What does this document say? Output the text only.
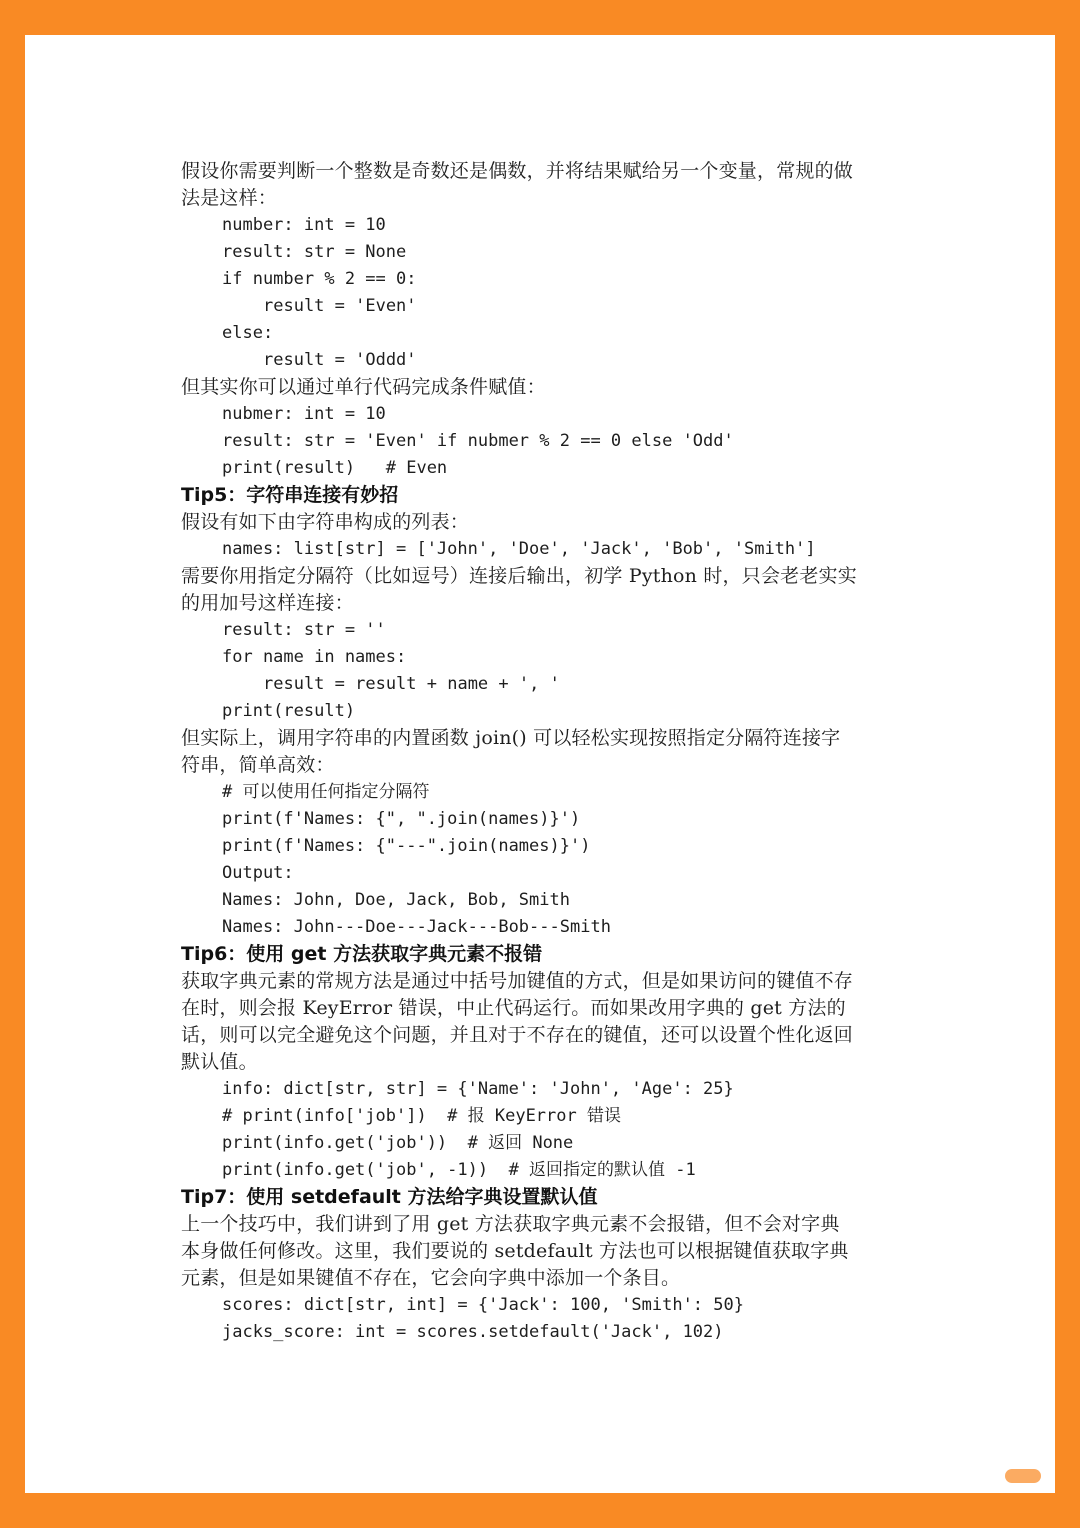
假设你需要判断一个整数是奇数还是偶数，并将结果赋给另一个变量，常规的做
法是这样：
number: int = 10
result: str = None
if number % 2 == 0:
result = 'Even'
else:
result = 'Oddd'
但其实你可以通过单行代码完成条件赋值：
nubmer: int = 10
result: str = 'Even' if nubmer % 2 == 0 else 'Odd'
print(result)   # Even
Tip5：字符串连接有妙招
假设有如下由字符串构成的列表：
names: list[str] = ['John', 'Doe', 'Jack', 'Bob', 'Smith']
需要你用指定分隔符（比如逗号）连接后输出，初学 Python 时，只会老老实实
的用加号这样连接：
result: str = ''
for name in names:
result = result + name + ', '
print(result)
但实际上，调用字符串的内置函数 join() 可以轻松实现按照指定分隔符连接字
符串，简单高效：
# 可以使用任何指定分隔符
print(f'Names: {", ".join(names)}')
print(f'Names: {"---".join(names)}')
Output:
Names: John, Doe, Jack, Bob, Smith
Names: John---Doe---Jack---Bob---Smith
Tip6：使用 get 方法获取字典元素不报错
获取字典元素的常规方法是通过中括号加键值的方式，但是如果访问的键值不存
在时，则会报 KeyError 错误，中止代码运行。而如果改用字典的 get 方法的
话，则可以完全避免这个问题，并且对于不存在的键值，还可以设置个性化返回
默认值。
info: dict[str, str] = {'Name': 'John', 'Age': 25}
# print(info['job'])  # 报 KeyError 错误
print(info.get('job'))  # 返回 None
print(info.get('job', -1))  # 返回指定的默认值 -1
Tip7：使用 setdefault 方法给字典设置默认值
上一个技巧中，我们讲到了用 get 方法获取字典元素不会报错，但不会对字典
本身做任何修改。这里，我们要说的 setdefault 方法也可以根据键值获取字典
元素，但是如果键值不存在，它会向字典中添加一个条目。
scores: dict[str, int] = {'Jack': 100, 'Smith': 50}
jacks_score: int = scores.setdefault('Jack', 102)
